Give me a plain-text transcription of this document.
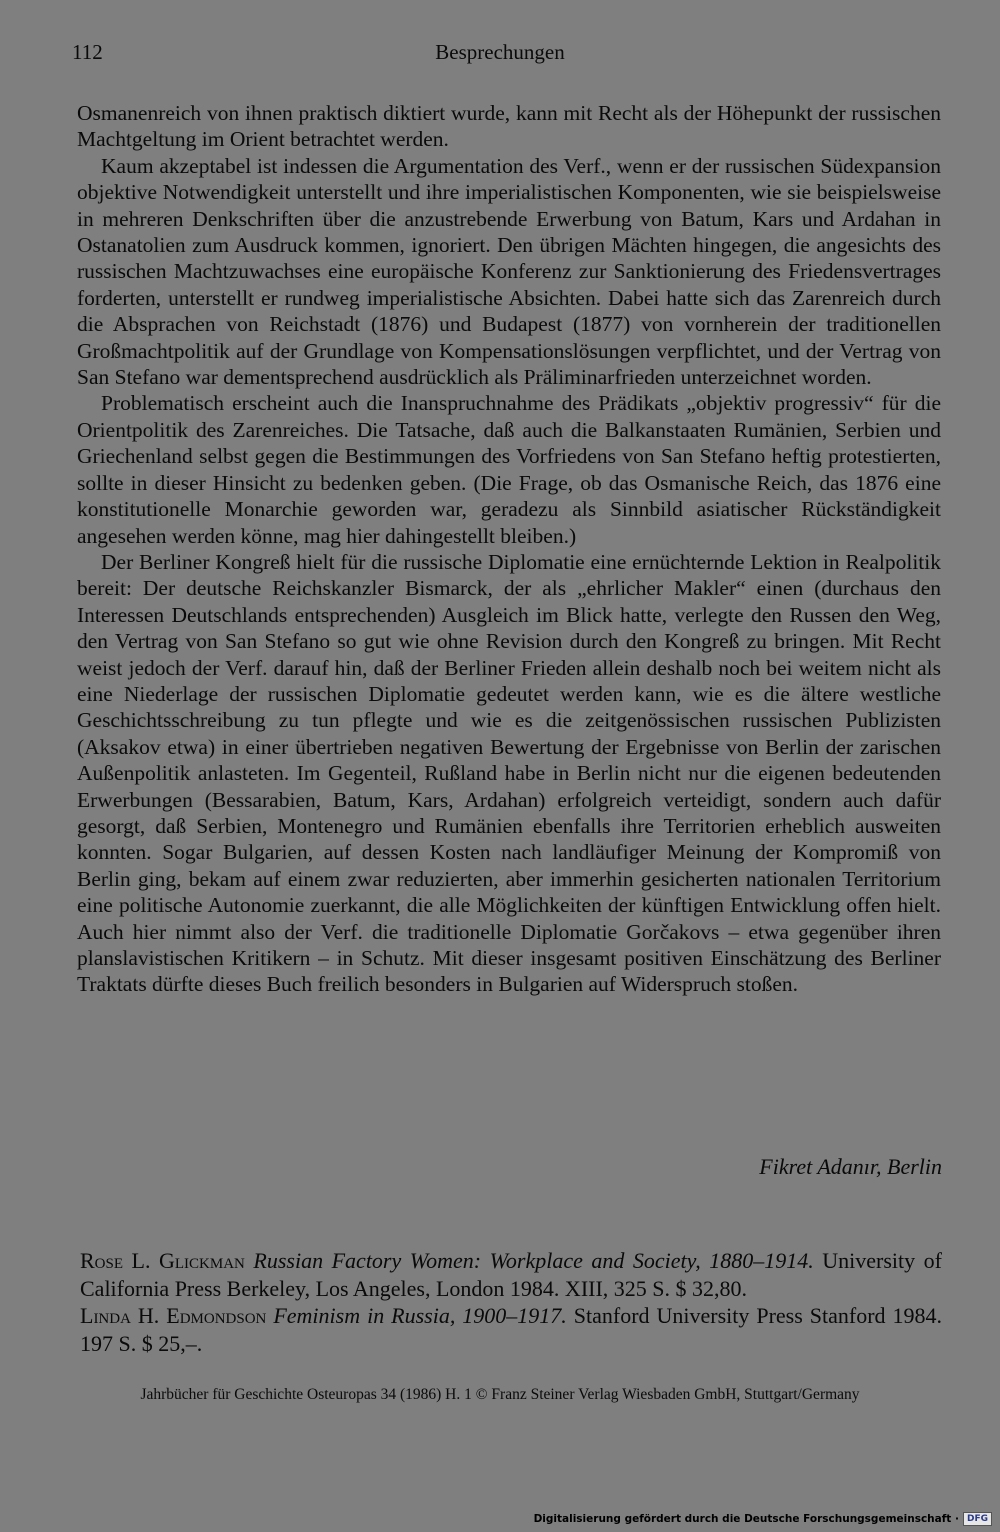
112	Besprechungen

Osmanenreich von ihnen praktisch diktiert wurde, kann mit Recht als der Höhepunkt der russischen Machtgeltung im Orient betrachtet werden.

Kaum akzeptabel ist indessen die Argumentation des Verf., wenn er der russischen Südexpansion objektive Notwendigkeit unterstellt und ihre imperialistischen Komponenten, wie sie beispielsweise in mehreren Denkschriften über die anzustrebende Erwerbung von Batum, Kars und Ardahan in Ostanatolien zum Ausdruck kommen, ignoriert. Den übrigen Mächten hingegen, die angesichts des russischen Machtzuwachses eine europäische Konferenz zur Sanktionierung des Friedensvertrages forderten, unterstellt er rundweg imperialistische Absichten. Dabei hatte sich das Zarenreich durch die Absprachen von Reichstadt (1876) und Budapest (1877) von vornherein der traditionellen Großmachtpolitik auf der Grundlage von Kompensationslösungen verpflichtet, und der Vertrag von San Stefano war dementsprechend ausdrücklich als Präliminarfrieden unterzeichnet worden.

Problematisch erscheint auch die Inanspruchnahme des Prädikats „objektiv progressiv“ für die Orientpolitik des Zarenreiches. Die Tatsache, daß auch die Balkanstaaten Rumänien, Serbien und Griechenland selbst gegen die Bestimmungen des Vorfriedens von San Stefano heftig protestierten, sollte in dieser Hinsicht zu bedenken geben. (Die Frage, ob das Osmanische Reich, das 1876 eine konstitutionelle Monarchie geworden war, geradezu als Sinnbild asiatischer Rückständigkeit angesehen werden könne, mag hier dahingestellt bleiben.)

Der Berliner Kongreß hielt für die russische Diplomatie eine ernüchternde Lektion in Realpolitik bereit: Der deutsche Reichskanzler Bismarck, der als „ehrlicher Makler“ einen (durchaus den Interessen Deutschlands entsprechenden) Ausgleich im Blick hatte, verlegte den Russen den Weg, den Vertrag von San Stefano so gut wie ohne Revision durch den Kongreß zu bringen. Mit Recht weist jedoch der Verf. darauf hin, daß der Berliner Frieden allein deshalb noch bei weitem nicht als eine Niederlage der russischen Diplomatie gedeutet werden kann, wie es die ältere westliche Geschichtsschreibung zu tun pflegte und wie es die zeitgenössischen russischen Publizisten (Aksakov etwa) in einer übertrieben negativen Bewertung der Ergebnisse von Berlin der zarischen Außenpolitik anlasteten. Im Gegenteil, Rußland habe in Berlin nicht nur die eigenen bedeutenden Erwerbungen (Bessarabien, Batum, Kars, Ardahan) erfolgreich verteidigt, sondern auch dafür gesorgt, daß Serbien, Montenegro und Rumänien ebenfalls ihre Territorien erheblich ausweiten konnten. Sogar Bulgarien, auf dessen Kosten nach landläufiger Meinung der Kompromiß von Berlin ging, bekam auf einem zwar reduzierten, aber immerhin gesicherten nationalen Territorium eine politische Autonomie zuerkannt, die alle Möglichkeiten der künftigen Entwicklung offen hielt. Auch hier nimmt also der Verf. die traditionelle Diplomatie Gorčakovs – etwa gegenüber ihren planslavistischen Kritikern – in Schutz. Mit dieser insgesamt positiven Einschätzung des Berliner Traktats dürfte dieses Buch freilich besonders in Bulgarien auf Widerspruch stoßen.

Fikret Adanır, Berlin
Rose L. Glickman Russian Factory Women: Workplace and Society, 1880–1914. University of California Press Berkeley, Los Angeles, London 1984. XIII, 325 S. $ 32,80.
Linda H. Edmondson Feminism in Russia, 1900–1917. Stanford University Press Stanford 1984. 197 S. $ 25,–.
Jahrbücher für Geschichte Osteuropas 34 (1986) H. 1 © Franz Steiner Verlag Wiesbaden GmbH, Stuttgart/Germany
Digitalisierung gefördert durch die Deutsche Forschungsgemeinschaft · DFG
